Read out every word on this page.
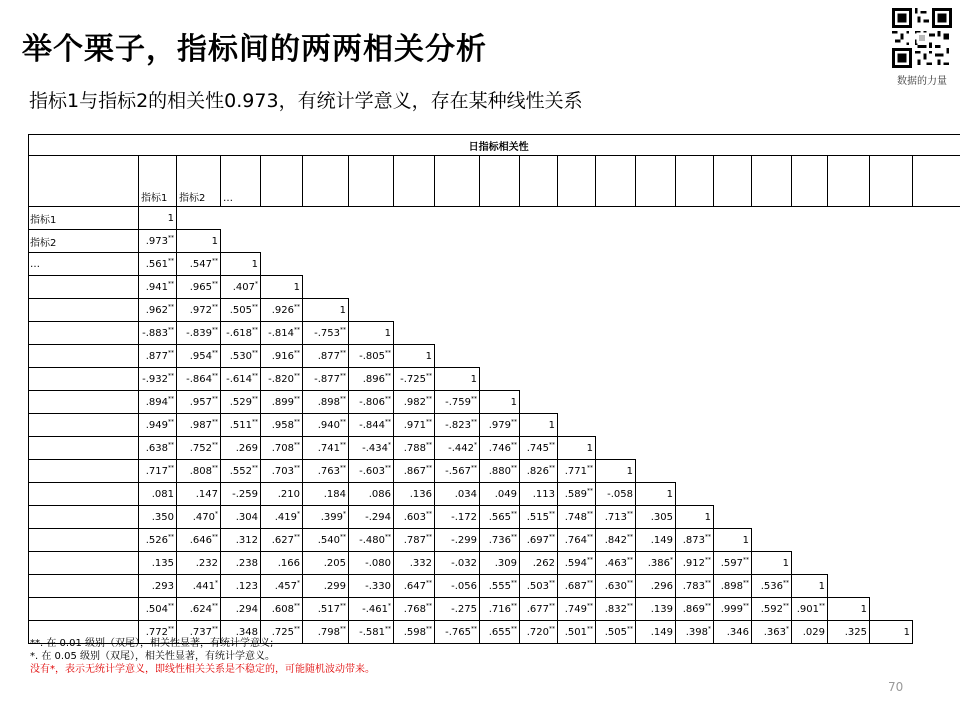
举个栗子，指标间的两两相关分析
指标1与指标2的相关性0.973，有统计学意义，存在某种线性关系
数据的力量
日指标相关性																				
	指标1	指标2	…																	
指标1	1																			
指标2	.973**	1																		
…	.561**	.547**	1																	
	.941**	.965**	.407*	1																
	.962**	.972**	.505**	.926**	1															
	-.883**	-.839**	-.618**	-.814**	-.753**	1														
	.877**	.954**	.530**	.916**	.877**	-.805**	1													
	-.932**	-.864**	-.614**	-.820**	-.877**	.896**	-.725**	1												
	.894**	.957**	.529**	.899**	.898**	-.806**	.982**	-.759**	1											
	.949**	.987**	.511**	.958**	.940**	-.844**	.971**	-.823**	.979**	1										
	.638**	.752**	.269	.708**	.741**	-.434*	.788**	-.442*	.746**	.745**	1									
	.717**	.808**	.552**	.703**	.763**	-.603**	.867**	-.567**	.880**	.826**	.771**	1								
	.081	.147	-.259	.210	.184	.086	.136	.034	.049	.113	.589**	-.058	1							
	.350	.470*	.304	.419*	.399*	-.294	.603**	-.172	.565**	.515**	.748**	.713**	.305	1						
	.526**	.646**	.312	.627**	.540**	-.480**	.787**	-.299	.736**	.697**	.764**	.842**	.149	.873**	1					
	.135	.232	.238	.166	.205	-.080	.332	-.032	.309	.262	.594**	.463**	.386*	.912**	.597**	1				
	.293	.441*	.123	.457*	.299	-.330	.647**	-.056	.555**	.503**	.687**	.630**	.296	.783**	.898**	.536**	1			
	.504**	.624**	.294	.608**	.517**	-.461*	.768**	-.275	.716**	.677**	.749**	.832**	.139	.869**	.999**	.592**	.901**	1		
	.772**	.737**	.348	.725**	.798**	-.581**	.598**	-.765**	.655**	.720**	.501**	.505**	.149	.398*	.346	.363*	.029	.325	1	
**. 在 0.01 级别（双尾），相关性显著，有统计学意义;
*. 在 0.05 级别（双尾），相关性显著，有统计学意义。
没有*，表示无统计学意义，即线性相关关系是不稳定的，可能随机波动带来。
70
